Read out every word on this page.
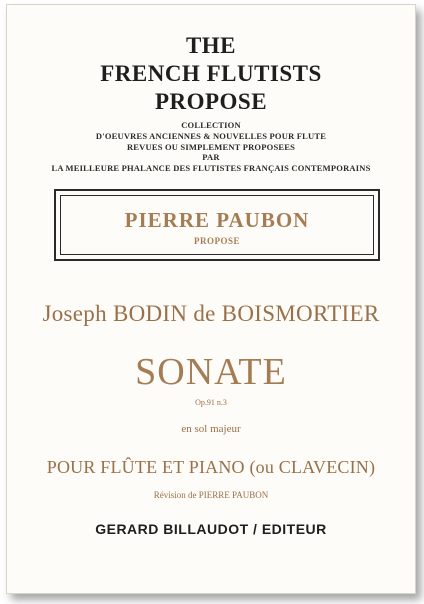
THE
FRENCH FLUTISTS
PROPOSE
COLLECTION
D'OEUVRES ANCIENNES & NOUVELLES POUR FLUTE
REVUES OU SIMPLEMENT PROPOSEES
PAR
LA MEILLEURE PHALANCE DES FLUTISTES FRANÇAIS CONTEMPORAINS
PIERRE PAUBON
PROPOSE
Joseph BODIN de BOISMORTIER
SONATE
Op.91 n.3
en sol majeur
POUR FLÛTE ET PIANO (ou CLAVECIN)
Révision de PIERRE PAUBON
GERARD BILLAUDOT / EDITEUR
